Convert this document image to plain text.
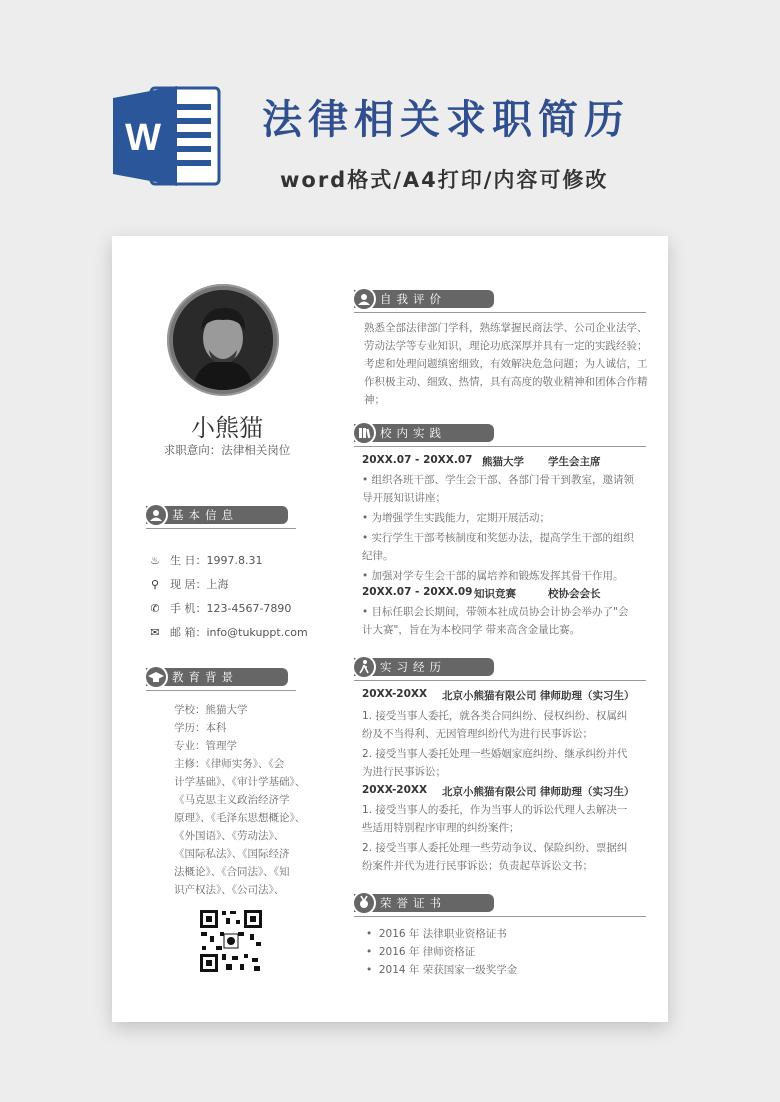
W	法律相关求职简历
word格式/A4打印/内容可修改
小熊猫
求职意向：法律相关岗位
基本信息
♨ 生 日：1997.8.31
⚲ 现 居：上海
✆ 手 机：123-4567-7890
✉ 邮 箱：info@tukuppt.com
教育背景
学校：熊猫大学
学历：本科
专业：管理学
主修：《律师实务》、《会
计学基础》、《审计学基础》、
《马克思主义政治经济学
原理》、《毛泽东思想概论》、
《外国语》、《劳动法》、
《国际私法》、《国际经济
法概论》、《合同法》、《知
识产权法》、《公司法》、
自我评价
熟悉全部法律部门学科，熟练掌握民商法学、公司企业法学、
劳动法学等专业知识，理论功底深厚并具有一定的实践经验；
考虑和处理问题缜密细致，有效解决危急问题；为人诚信，工
作积极主动、细致、热情，具有高度的敬业精神和团体合作精
神；
校内实践
20XX.07 - 20XX.07 熊猫大学 学生会主席
• 组织各班干部、学生会干部、各部门骨干到教室，邀请领
导开展知识讲座；
• 为增强学生实践能力，定期开展活动；
• 实行学生干部考核制度和奖惩办法，提高学生干部的组织
纪律。
• 加强对学专生会干部的属培养和锻炼发挥其骨干作用。
20XX.07 - 20XX.09 知识竞赛	校协会会长
• 目标任职会长期间，带领本社成员协会计协会举办了"会
计大赛"，旨在为本校同学 带来高含金量比赛。
实习经历
20XX-20XX 北京小熊猫有限公司 律师助理（实习生）
1. 接受当事人委托，就各类合同纠纷、侵权纠纷、权属纠
纷及不当得利、无因管理纠纷代为进行民事诉讼；
2. 接受当事人委托处理一些婚姻家庭纠纷、继承纠纷并代
为进行民事诉讼；
20XX-20XX 北京小熊猫有限公司 律师助理（实习生）
1. 接受当事人的委托，作为当事人的诉讼代理人去解决一
些适用特别程序审理的纠纷案件；
2. 接受当事人委托处理一些劳动争议、保险纠纷、票据纠
纷案件并代为进行民事诉讼；负责起草诉讼文书；
荣誉证书
•  2016 年 法律职业资格证书
•  2016 年 律师资格证
•  2014 年 荣获国家一级奖学金
